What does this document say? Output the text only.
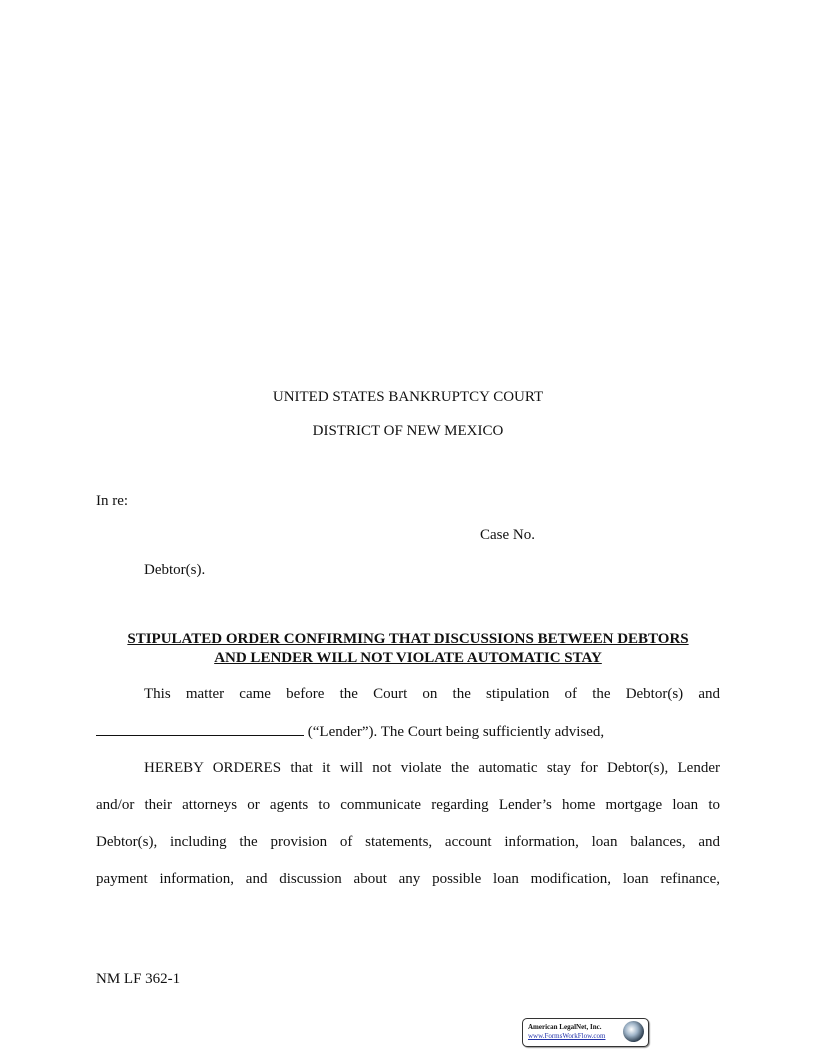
UNITED STATES BANKRUPTCY COURT
DISTRICT OF NEW MEXICO
In re:
Case No.
Debtor(s).
STIPULATED ORDER CONFIRMING THAT DISCUSSIONS BETWEEN DEBTORS
AND LENDER WILL NOT VIOLATE AUTOMATIC STAY
This matter came before the Court on the stipulation of the Debtor(s) and
(“Lender”). The Court being sufficiently advised,
HEREBY ORDERES that it will not violate the automatic stay for Debtor(s), Lender
and/or their attorneys or agents to communicate regarding Lender’s home mortgage loan to
Debtor(s), including the provision of statements, account information, loan balances, and
payment information, and discussion about any possible loan modification, loan refinance,
NM LF 362-1
American LegalNet, Inc.
www.FormsWorkFlow.com
